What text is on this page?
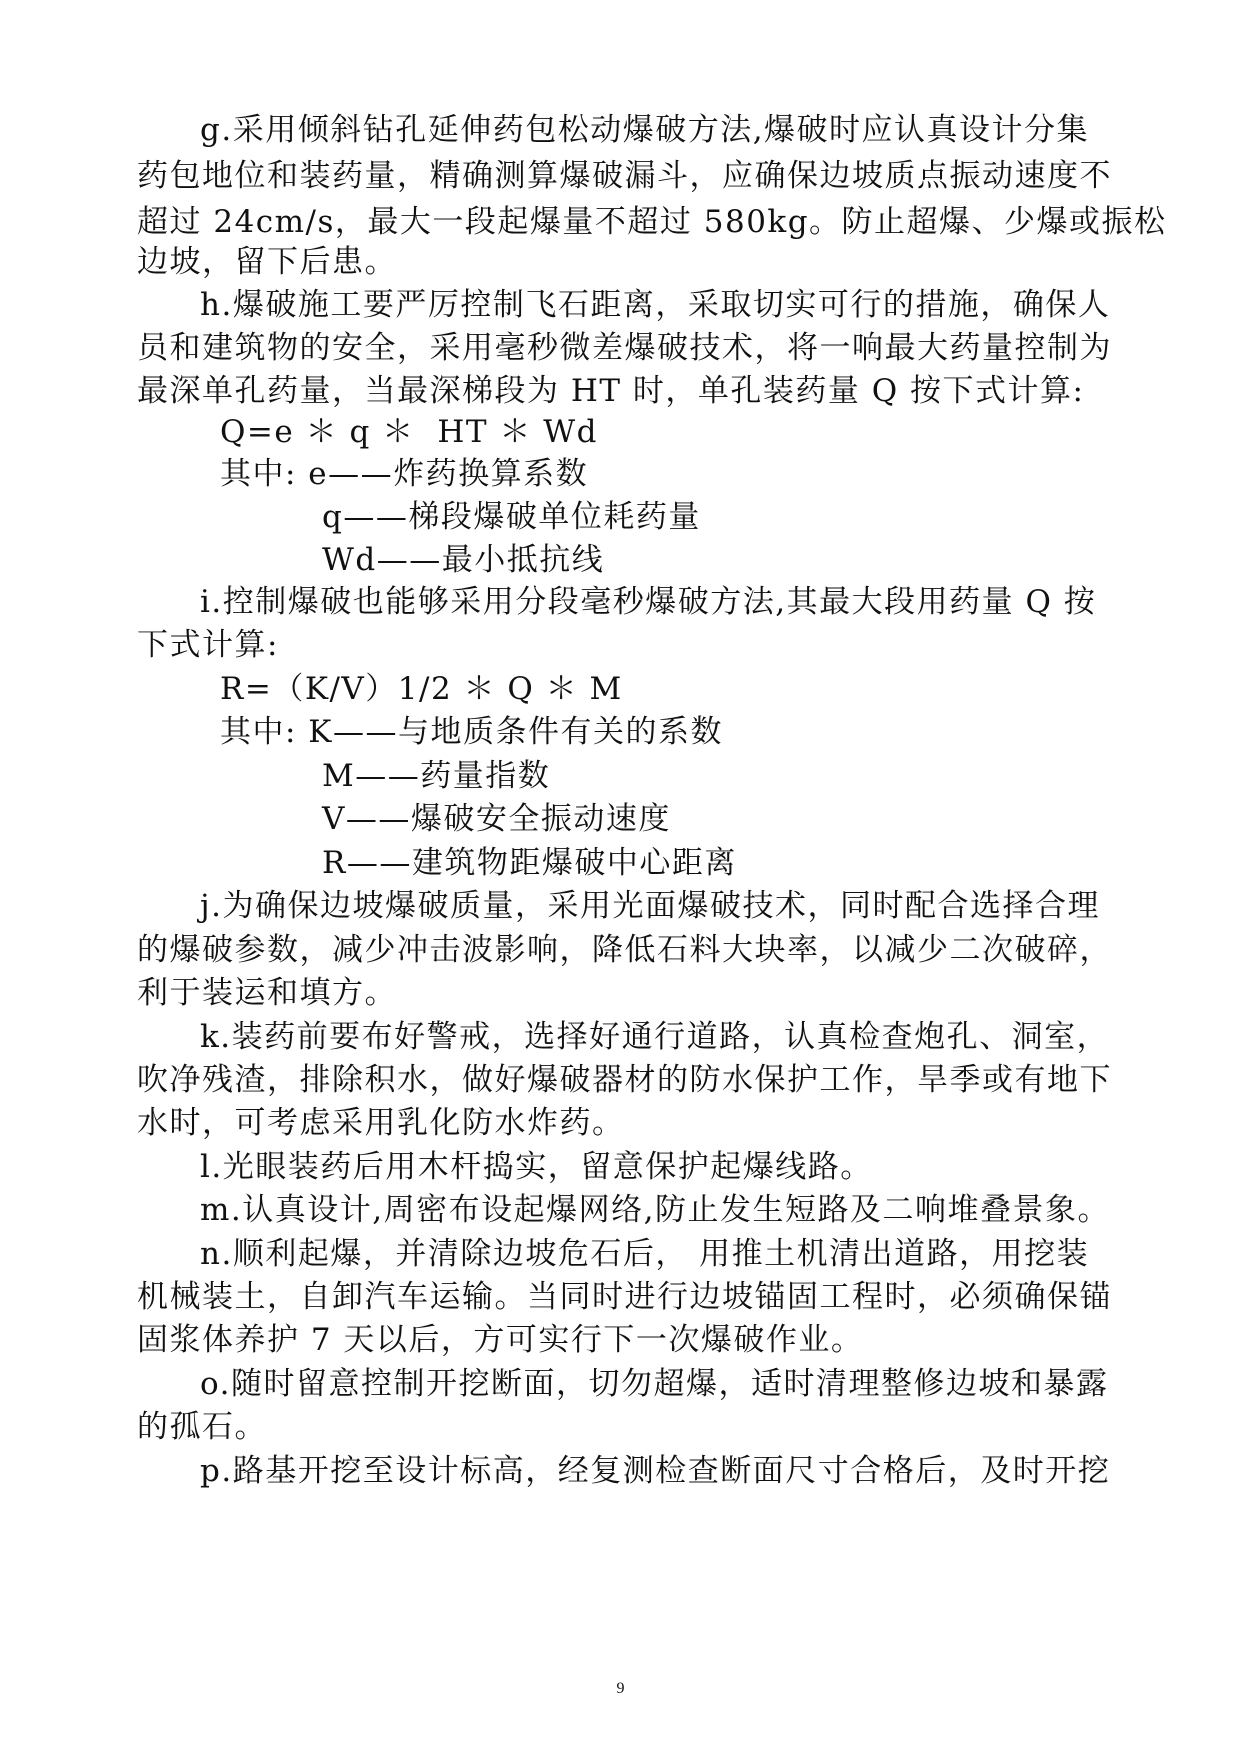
g.采用倾斜钻孔延伸药包松动爆破方法,爆破时应认真设计分集
药包地位和装药量，精确测算爆破漏斗，应确保边坡质点振动速度不
超过 24cm/s，最大一段起爆量不超过 580kg。防止超爆、少爆或振松
边坡，留下后患。
h.爆破施工要严厉控制飞石距离，采取切实可行的措施，确保人
员和建筑物的安全，采用毫秒微差爆破技术，将一响最大药量控制为
最深单孔药量，当最深梯段为 HT 时，单孔装药量 Q 按下式计算:
Q=e ＊ q ＊  HT ＊ Wd
其中: e——炸药换算系数
q——梯段爆破单位耗药量
Wd——最小抵抗线
i.控制爆破也能够采用分段毫秒爆破方法,其最大段用药量 Q 按
下式计算:
R=（K/V）1/2 ＊ Q ＊ M
其中: K——与地质条件有关的系数
M——药量指数
V——爆破安全振动速度
R——建筑物距爆破中心距离
j.为确保边坡爆破质量，采用光面爆破技术，同时配合选择合理
的爆破参数，减少冲击波影响，降低石料大块率，以减少二次破碎，
利于装运和填方。
k.装药前要布好警戒，选择好通行道路，认真检查炮孔、洞室，
吹净残渣，排除积水，做好爆破器材的防水保护工作，旱季或有地下
水时，可考虑采用乳化防水炸药。
l.光眼装药后用木杆捣实，留意保护起爆线路。
m.认真设计,周密布设起爆网络,防止发生短路及二响堆叠景象。
n.顺利起爆，并清除边坡危石后， 用推土机清出道路，用挖装
机械装土，自卸汽车运输。当同时进行边坡锚固工程时，必须确保锚
固浆体养护 7 天以后，方可实行下一次爆破作业。
o.随时留意控制开挖断面，切勿超爆，适时清理整修边坡和暴露
的孤石。
p.路基开挖至设计标高，经复测检查断面尺寸合格后，及时开挖
9
